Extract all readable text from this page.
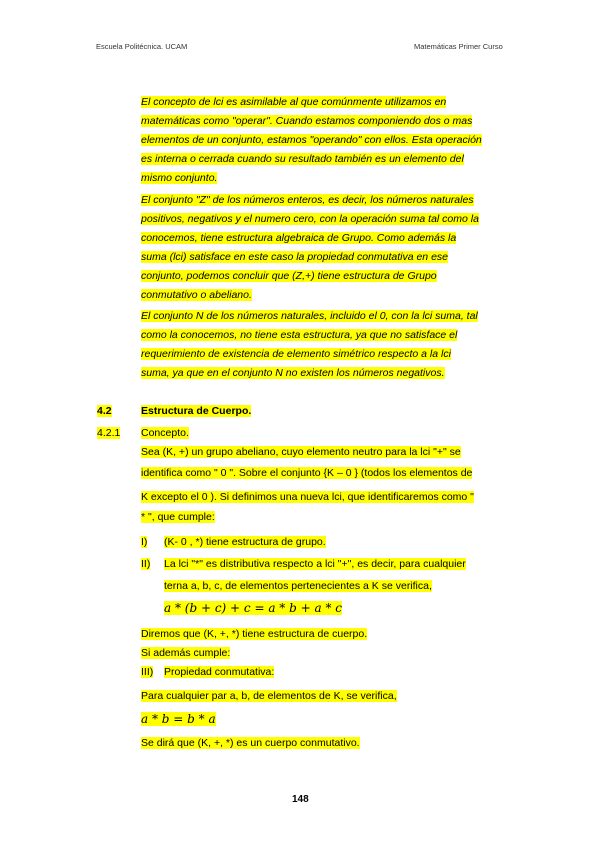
Escuela Politécnica. UCAM	Matemáticas Primer Curso
El concepto de lci es asimilable al que comúnmente utilizamos en
matemáticas como "operar". Cuando estamos componiendo dos o mas
elementos de un conjunto, estamos "operando" con ellos. Esta operación
es interna o cerrada cuando su resultado también es un elemento del
mismo conjunto.
El conjunto "Z" de los números enteros, es decir, los números naturales
positivos, negativos y el numero cero, con la operación suma tal como la
conocemos, tiene estructura algebraica de Grupo. Como además la
suma (lci) satisface en este caso la propiedad conmutativa en ese
conjunto, podemos concluir que (Z,+) tiene estructura de Grupo
conmutativo o abeliano.
El conjunto N de los números naturales, incluido el 0, con la lci suma, tal
como la conocemos, no tiene esta estructura, ya que no satisface el
requerimiento de existencia de elemento simétrico respecto a la lci
suma, ya que en el conjunto N no existen los números negativos.
4.2	Estructura de Cuerpo.
4.2.1 Concepto.
Sea (K, +) un grupo abeliano, cuyo elemento neutro para la lci "+" se
identifica como " 0 ". Sobre el conjunto {K – 0 } (todos los elementos de
K excepto el 0 ). Si definimos una nueva lci, que identificaremos como "
* ", que cumple:
I) (K- 0 , *) tiene estructura de grupo.
II) La lci "*" es distributiva respecto a lci "+", es decir, para cualquier
terna a, b, c, de elementos pertenecientes a K se verifica,
a * (b + c) + c = a * b + a * c
Diremos que (K, +, *) tiene estructura de cuerpo.
Si además cumple:
III) Propiedad conmutativa:
Para cualquier par a, b, de elementos de K, se verifica,
a * b = b * a
Se dirá que (K, +, *) es un cuerpo conmutativo.
148
